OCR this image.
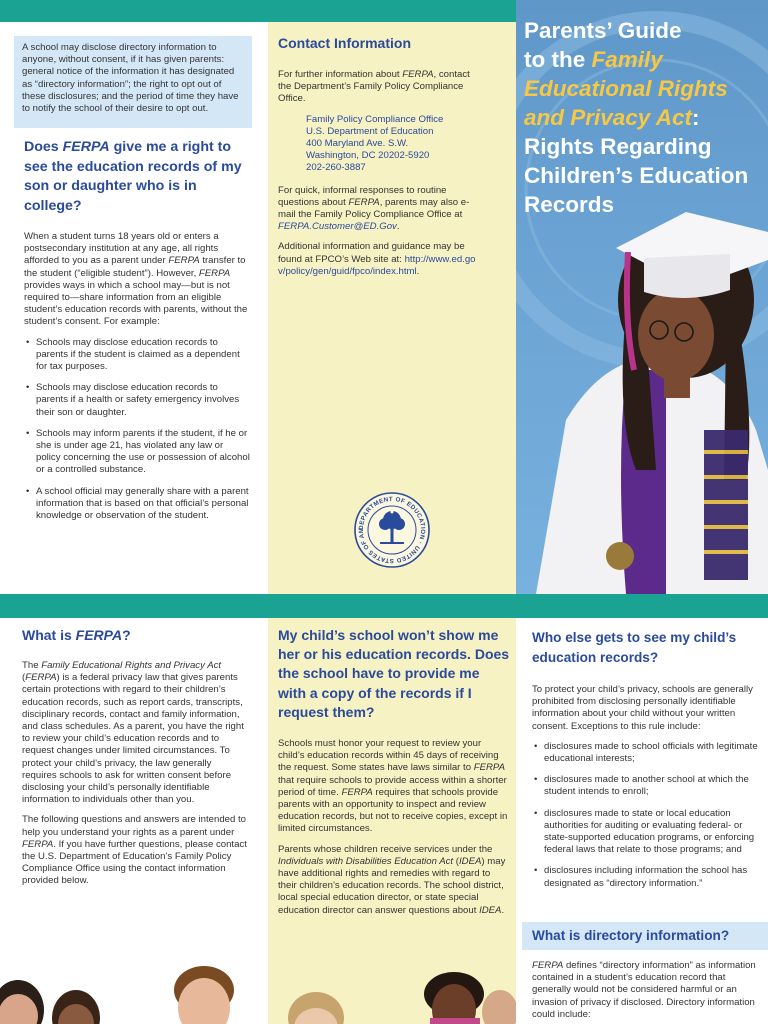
A school may disclose directory information to anyone, without consent, if it has given parents: general notice of the information it has designated as “directory information”; the right to opt out of these disclosures; and the period of time they have to notify the school of their desire to opt out.

Does FERPA give me a right to see the education records of my son or daughter who is in college?

When a student turns 18 years old or enters a postsecondary institution at any age, all rights afforded to you as a parent under FERPA transfer to the student (“eligible student”). However, FERPA provides ways in which a school may—but is not required to—share information from an eligible student’s education records with parents, without the student’s consent. For example:

• Schools may disclose education records to parents if the student is claimed as a dependent for tax purposes.
• Schools may disclose education records to parents if a health or safety emergency involves their son or daughter.
• Schools may inform parents if the student, if he or she is under age 21, has violated any law or policy concerning the use or possession of alcohol or a controlled substance.
• A school official may generally share with a parent information that is based on that official’s personal knowledge or observation of the student.
Contact Information

For further information about FERPA, contact the Department’s Family Policy Compliance Office.

Family Policy Compliance Office
U.S. Department of Education
400 Maryland Ave. S.W.
Washington, DC 20202-5920
202-260-3887

For quick, informal responses to routine questions about FERPA, parents may also e-mail the Family Policy Compliance Office at FERPA.Customer@ED.Gov.

Additional information and guidance may be found at FPCO’s Web site at: http://www.ed.gov/policy/gen/guid/fpco/index.html.

DEPARTMENT OF EDUCATION · UNITED STATES OF AM
Parents’ Guide
to the Family
Educational Rights
and Privacy Act:
Rights Regarding
Children’s Education
Records
What is FERPA?

The Family Educational Rights and Privacy Act (FERPA) is a federal privacy law that gives parents certain protections with regard to their children’s education records, such as report cards, transcripts, disciplinary records, contact and family information, and class schedules. As a parent, you have the right to review your child’s education records and to request changes under limited circumstances. To protect your child’s privacy, the law generally requires schools to ask for written consent before disclosing your child’s personally identifiable information to individuals other than you.

The following questions and answers are intended to help you understand your rights as a parent under FERPA. If you have further questions, please contact the U.S. Department of Education’s Family Policy Compliance Office using the contact information provided below.

My child’s school won’t show me her or his education records. Does the school have to provide me with a copy of the records if I request them?

Schools must honor your request to review your child’s education records within 45 days of receiving the request. Some states have laws similar to FERPA that require schools to provide access within a shorter period of time. FERPA requires that schools provide parents with an opportunity to inspect and review education records, but not to receive copies, except in limited circumstances.

Parents whose children receive services under the Individuals with Disabilities Education Act (IDEA) may have additional rights and remedies with regard to their children’s education records. The school district, local special education director, or state special education director can answer questions about IDEA.

Who else gets to see my child’s education records?

To protect your child’s privacy, schools are generally prohibited from disclosing personally identifiable information about your child without your written consent. Exceptions to this rule include:

• disclosures made to school officials with legitimate educational interests;
• disclosures made to another school at which the student intends to enroll;
• disclosures made to state or local education authorities for auditing or evaluating federal- or state-supported education programs, or enforcing federal laws that relate to those programs; and
• disclosures including information the school has designated as “directory information.”
What is directory information?

FERPA defines “directory information” as information contained in a student’s education record that generally would not be considered harmful or an invasion of privacy if disclosed. Directory information could include:
